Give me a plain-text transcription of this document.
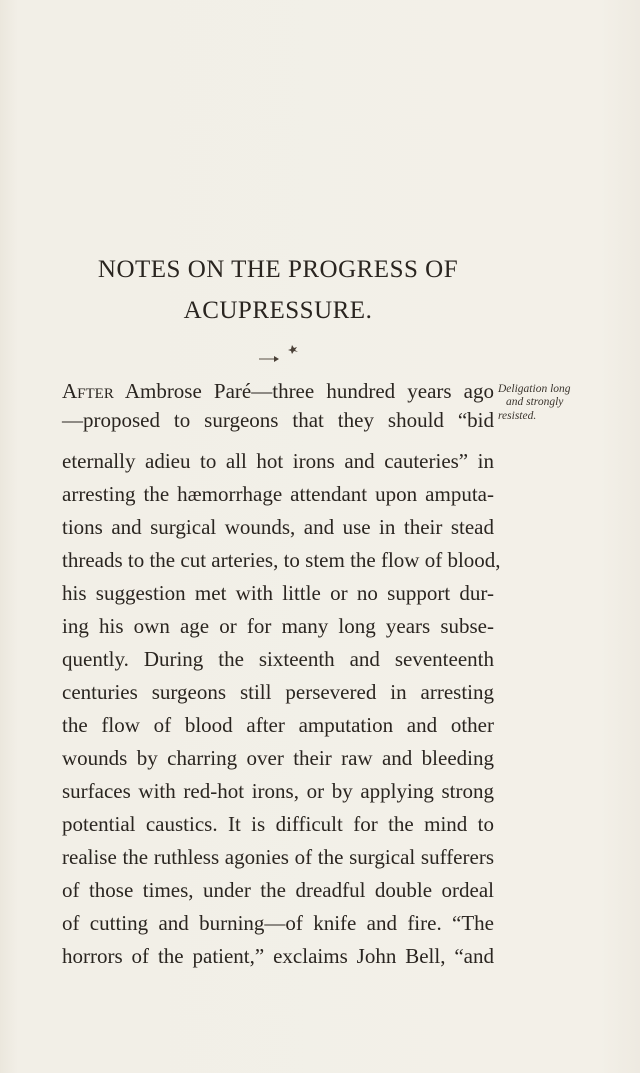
NOTES ON THE PROGRESS OF
ACUPRESSURE.
After Ambrose Paré—three hundred years ago
—proposed to surgeons that they should “bid
eternally adieu to all hot irons and cauteries” in
arresting the hæmorrhage attendant upon amputa-
tions and surgical wounds, and use in their stead
threads to the cut arteries, to stem the flow of blood,
his suggestion met with little or no support dur-
ing his own age or for many long years subse-
quently. During the sixteenth and seventeenth
centuries surgeons still persevered in arresting
the flow of blood after amputation and other
wounds by charring over their raw and bleeding
surfaces with red-hot irons, or by applying strong
potential caustics. It is difficult for the mind to
realise the ruthless agonies of the surgical sufferers
of those times, under the dreadful double ordeal
of cutting and burning—of knife and fire. “The
horrors of the patient,” exclaims John Bell, “and
Deligation long
and strongly
resisted.
